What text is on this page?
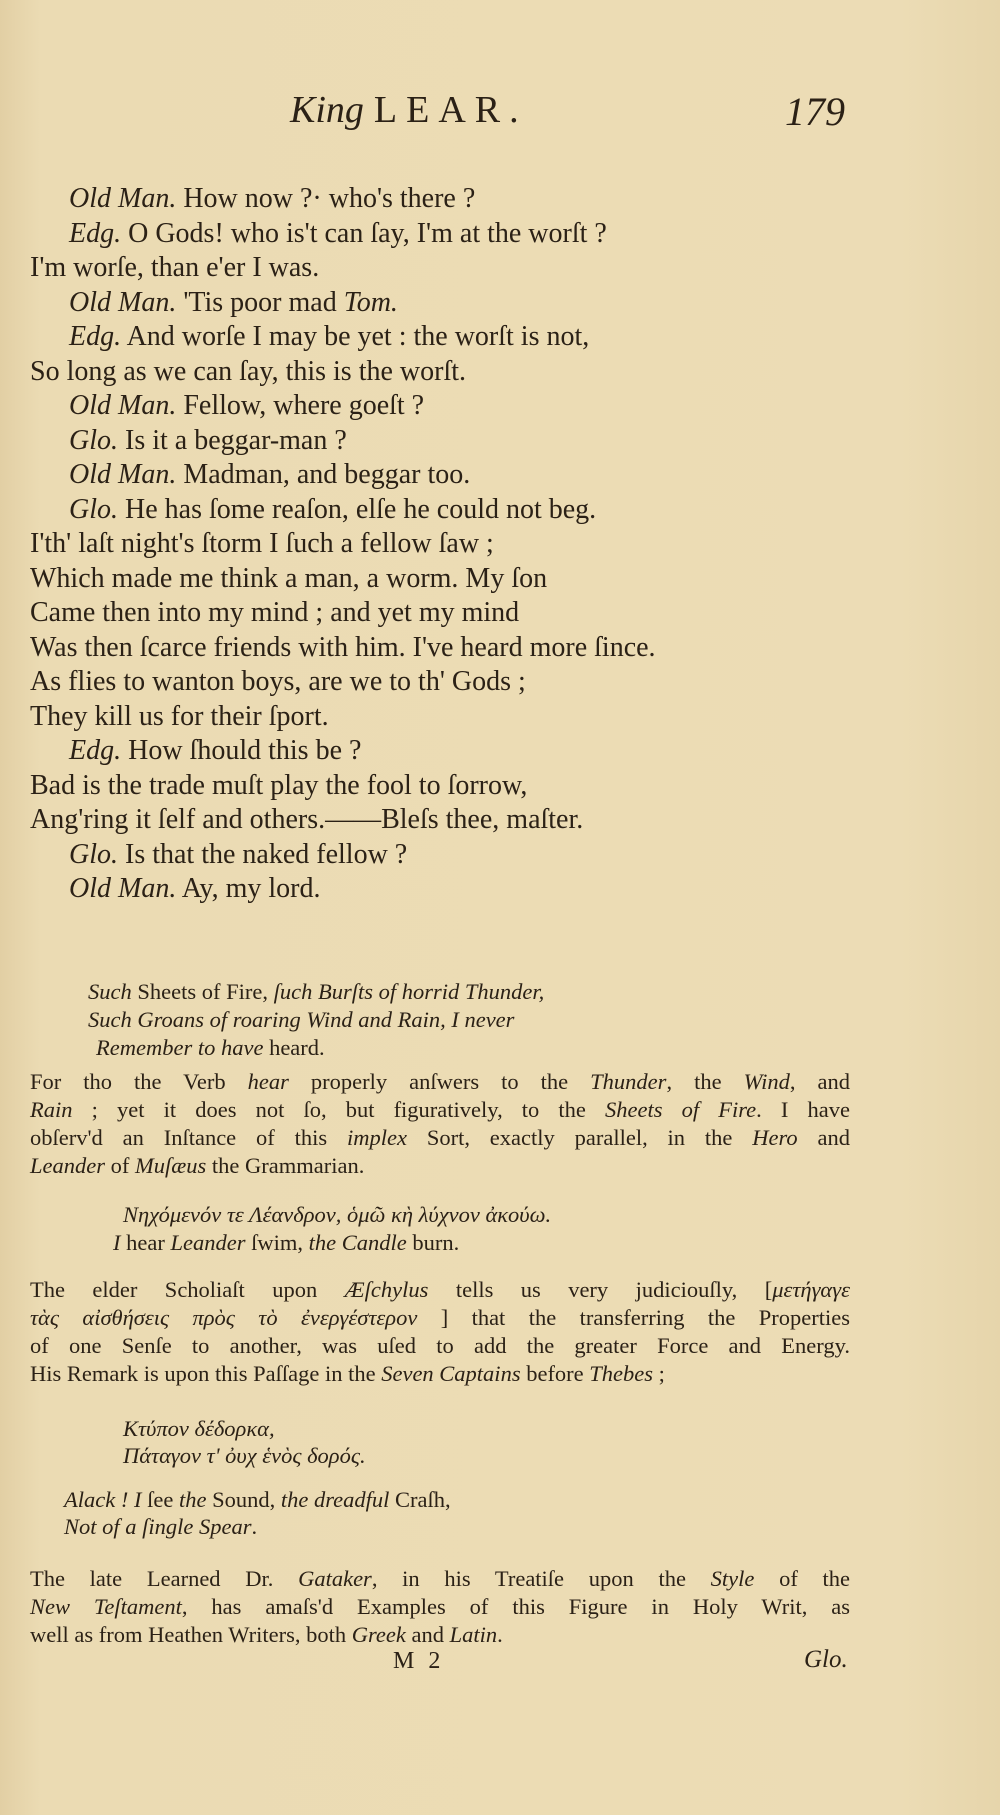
King LEAR.	179
Old Man. How now ?· who's there ?
Edg. O Gods! who is't can ſay, I'm at the worſt ?
I'm worſe, than e'er I was.
Old Man. 'Tis poor mad Tom.
Edg. And worſe I may be yet : the worſt is not,
So long as we can ſay, this is the worſt.
Old Man. Fellow, where goeſt ?
Glo. Is it a beggar-man ?
Old Man. Madman, and beggar too.
Glo. He has ſome reaſon, elſe he could not beg.
I'th' laſt night's ſtorm I ſuch a fellow ſaw ;
Which made me think a man, a worm. My ſon
Came then into my mind ; and yet my mind
Was then ſcarce friends with him. I've heard more ſince.
As flies to wanton boys, are we to th' Gods ;
They kill us for their ſport.
Edg. How ſhould this be ?
Bad is the trade muſt play the fool to ſorrow,
Ang'ring it ſelf and others.——Bleſs thee, maſter.
Glo. Is that the naked fellow ?
Old Man. Ay, my lord.
Such Sheets of Fire, ſuch Burſts of horrid Thunder,
Such Groans of roaring Wind and Rain, I never
Remember to have heard.
For tho the Verb hear properly anſwers to the Thunder, the Wind, and
Rain ; yet it does not ſo, but figuratively, to the Sheets of Fire. I have
obſerv'd an Inſtance of this implex Sort, exactly parallel, in the Hero and
Leander of Muſæus the Grammarian.
Νηχόμενόν τε Λέανδρον, ὁμῶ κὴ λύχνον ἀκούω.
I hear Leander ſwim, the Candle burn.
The elder Scholiaſt upon Æſchylus tells us very judiciouſly, [μετήγαγε
τὰς αἰσθήσεις πρὸς τὸ ἐνεργέστερον ] that the transferring the Properties
of one Senſe to another, was uſed to add the greater Force and Energy.
His Remark is upon this Paſſage in the Seven Captains before Thebes ;
Κτύπον δέδορκα,
Πάταγον τ' ὀυχ ἑνὸς δορός.
Alack ! I ſee the Sound, the dreadful Craſh,
Not of a ſingle Spear.
The late Learned Dr. Gataker, in his Treatiſe upon the Style of the
New Teſtament, has amaſs'd Examples of this Figure in Holy Writ, as
well as from Heathen Writers, both Greek and Latin.
M 2	Glo.
